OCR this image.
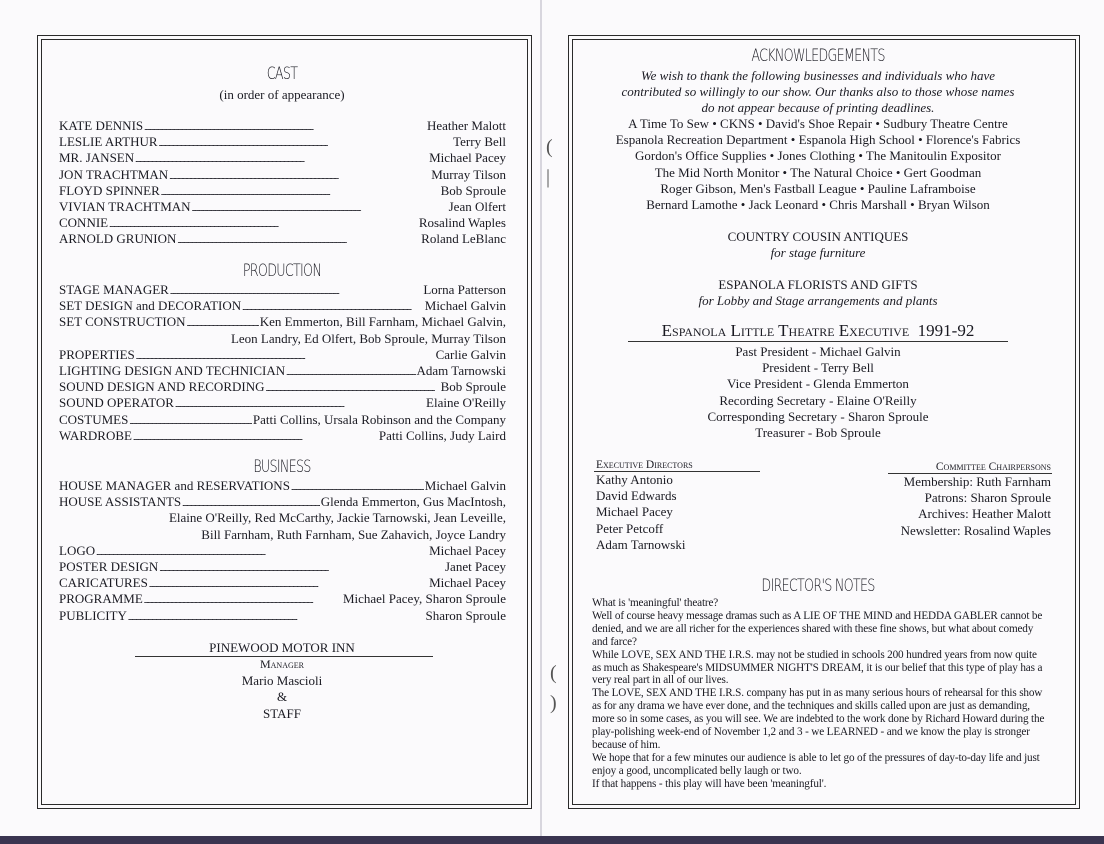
CAST
(in order of appearance)
KATE DENNIS . . .	Heather Malott
LESLIE ARTHUR . . .	Terry Bell
MR. JANSEN . . .	Michael Pacey
JON TRACHTMAN . . .	Murray Tilson
FLOYD SPINNER . . .	Bob Sproule
VIVIAN TRACHTMAN . . .	Jean Olfert
CONNIE . . .	Rosalind Waples
ARNOLD GRUNION . . .	Roland LeBlanc
PRODUCTION
STAGE MANAGER . . .	Lorna Patterson
SET DESIGN and DECORATION . . .	Michael Galvin
SET CONSTRUCTION . . .	Ken Emmerton, Bill Farnham, Michael Galvin,
Leon Landry, Ed Olfert, Bob Sproule, Murray Tilson
PROPERTIES . . .	Carlie Galvin
LIGHTING DESIGN AND TECHNICIAN . . .	Adam Tarnowski
SOUND DESIGN AND RECORDING . . .	Bob Sproule
SOUND OPERATOR . . .	Elaine O'Reilly
COSTUMES . . .	Patti Collins, Ursala Robinson and the Company
WARDROBE . . .	Patti Collins, Judy Laird
BUSINESS
HOUSE MANAGER and RESERVATIONS . . .	Michael Galvin
HOUSE ASSISTANTS . . .	Glenda Emmerton, Gus MacIntosh,
Elaine O'Reilly, Red McCarthy, Jackie Tarnowski, Jean Leveille,
Bill Farnham, Ruth Farnham, Sue Zahavich, Joyce Landry
LOGO . . .	Michael Pacey
POSTER DESIGN . . .	Janet Pacey
CARICATURES . . .	Michael Pacey
PROGRAMME . . .	Michael Pacey, Sharon Sproule
PUBLICITY . . .	Sharon Sproule
PINEWOOD MOTOR INN
Manager
Mario Mascioli
&
STAFF
(
|
(
)
ACKNOWLEDGEMENTS
We wish to thank the following businesses and individuals who have
contributed so willingly to our show. Our thanks also to those whose names
do not appear because of printing deadlines.
A Time To Sew • CKNS • David's Shoe Repair • Sudbury Theatre Centre
Espanola Recreation Department • Espanola High School • Florence's Fabrics
Gordon's Office Supplies • Jones Clothing • The Manitoulin Expositor
The Mid North Monitor • The Natural Choice • Gert Goodman
Roger Gibson, Men's Fastball League • Pauline Laframboise
Bernard Lamothe • Jack Leonard • Chris Marshall • Bryan Wilson
COUNTRY COUSIN ANTIQUES
for stage furniture
ESPANOLA FLORISTS AND GIFTS
for Lobby and Stage arrangements and plants
Espanola Little Theatre Executive 1991-92
Past President - Michael Galvin
President - Terry Bell
Vice President - Glenda Emmerton
Recording Secretary - Elaine O'Reilly
Corresponding Secretary - Sharon Sproule
Treasurer - Bob Sproule
Executive Directors
Kathy Antonio
David Edwards
Michael Pacey
Peter Petcoff
Adam Tarnowski
Committee Chairpersons
Membership: Ruth Farnham
Patrons: Sharon Sproule
Archives: Heather Malott
Newsletter: Rosalind Waples
DIRECTOR'S NOTES

What is 'meaningful' theatre?

Well of course heavy message dramas such as A LIE OF THE MIND and HEDDA GABLER cannot be denied, and we are all richer for the experiences shared with these fine shows, but what about comedy and farce?

While LOVE, SEX AND THE I.R.S. may not be studied in schools 200 hundred years from now quite as much as Shakespeare's MIDSUMMER NIGHT'S DREAM, it is our belief that this type of play has a very real part in all of our lives.

The LOVE, SEX AND THE I.R.S. company has put in as many serious hours of rehearsal for this show as for any drama we have ever done, and the techniques and skills called upon are just as demanding, more so in some cases, as you will see. We are indebted to the work done by Richard Howard during the play-polishing week-end of November 1,2 and 3 - we LEARNED - and we know the play is stronger because of him.

We hope that for a few minutes our audience is able to let go of the pressures of day-to-day life and just enjoy a good, uncomplicated belly laugh or two.

If that happens - this play will have been 'meaningful'.
